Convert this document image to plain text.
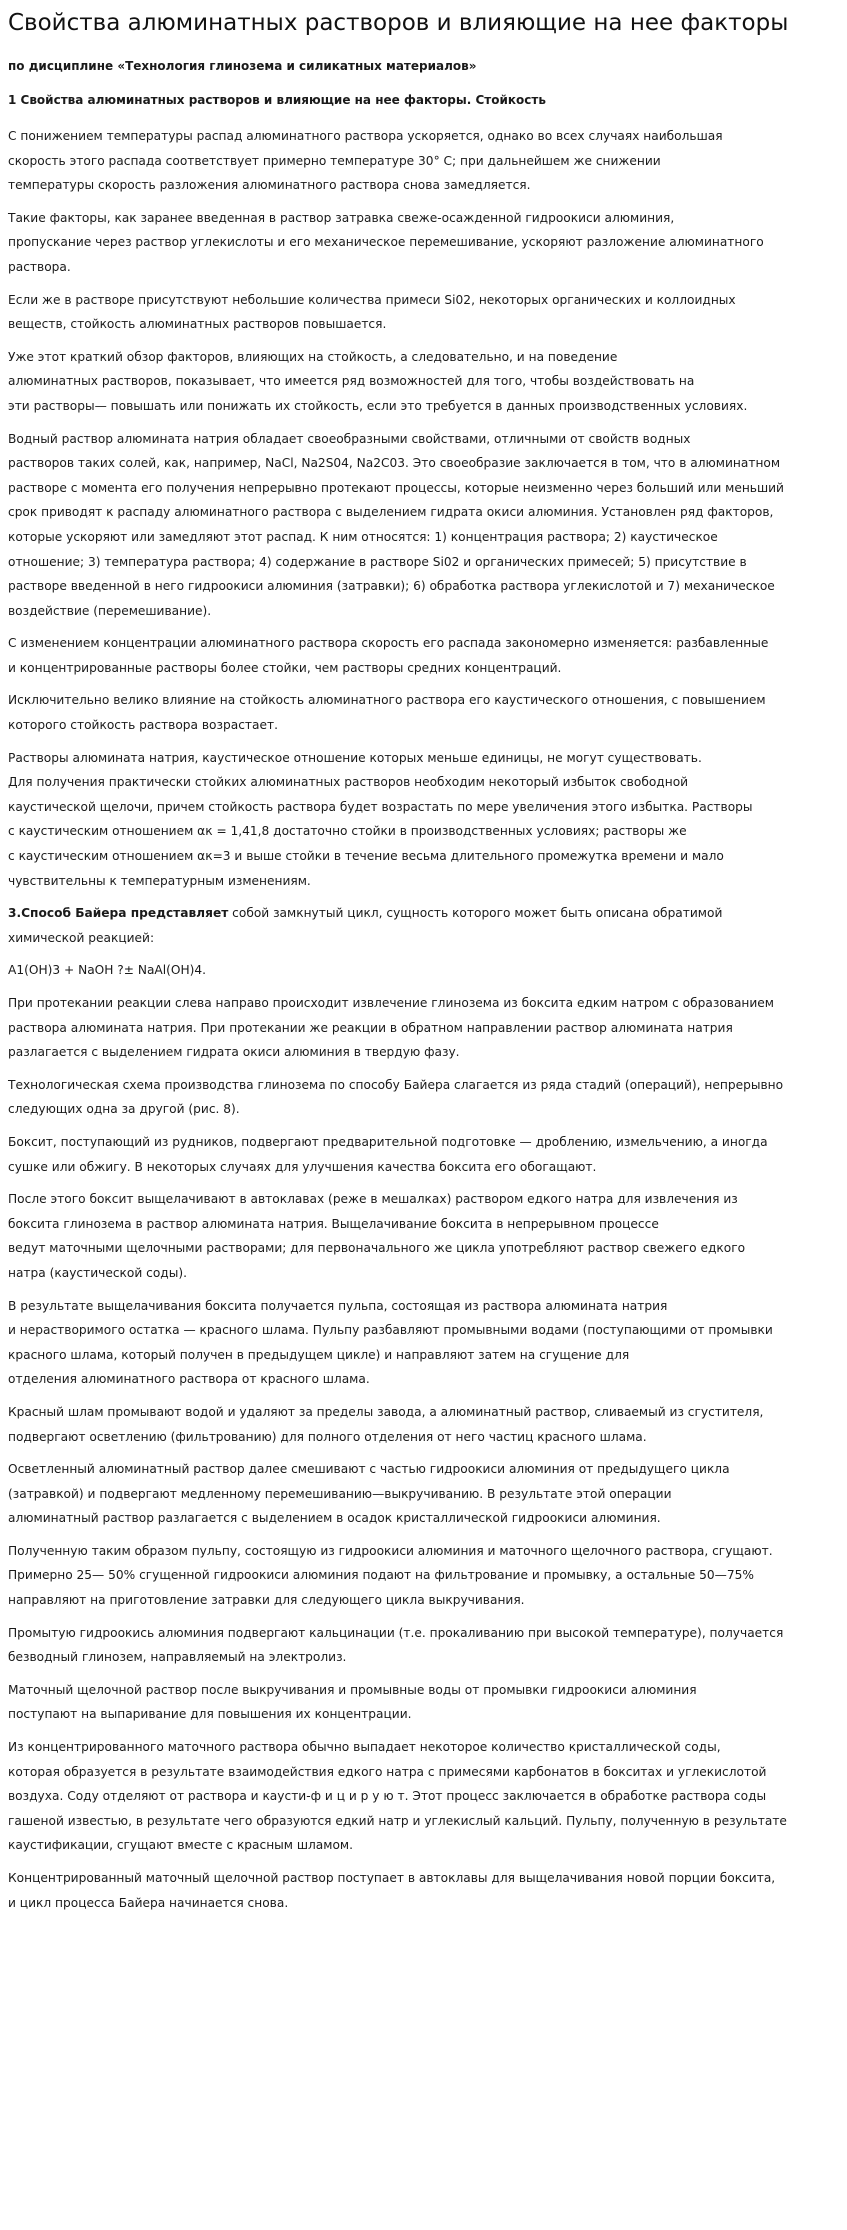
Свойства алюминатных растворов и влияющие на нее факторы
по дисциплине «Технология глинозема и силикатных материалов»
1 Свойства алюминатных растворов и влияющие на нее факторы. Стойкость

С понижением температуры распад алюминатного раствора ускоряется, однако во всех случаях наибольшая
скорость этого распада соответствует примерно температуре 30° С; при дальнейшем же снижении
температуры скорость разложения алюминатного раствора снова замедляется.

Такие факторы, как заранее введенная в раствор затравка свеже-осажденной гидроокиси алюминия,
пропускание через раствор углекислоты и его механическое перемешивание, ускоряют разложение алюминатного
раствора.

Если же в растворе присутствуют небольшие количества примеси Si02, некоторых органических и коллоидных
веществ, стойкость алюминатных растворов повышается.

Уже этот краткий обзор факторов, влияющих на стойкость, а следовательно, и на поведение
алюминатных растворов, показывает, что имеется ряд возможностей для того, чтобы воздействовать на
эти растворы— повышать или понижать их стойкость, если это требуется в данных производственных условиях.

Водный раствор алюмината натрия обладает своеобразными свойствами, отличными от свойств водных
растворов таких солей, как, например, NaCl, Na2S04, Na2C03. Это своеобразие заключается в том, что в алюминатном
растворе с момента его получения непрерывно протекают процессы, которые неизменно через больший или меньший
срок приводят к распаду алюминатного раствора с выделением гидрата окиси алюминия. Установлен ряд факторов,
которые ускоряют или замедляют этот распад. К ним относятся: 1) концентрация раствора; 2) каустическое
отношение; 3) температура раствора; 4) содержание в растворе Si02 и органических примесей; 5) присутствие в
растворе введенной в него гидроокиси алюминия (затравки); 6) обработка раствора углекислотой и 7) механическое
воздействие (перемешивание).

С изменением концентрации алюминатного раствора скорость его распада закономерно изменяется: разбавленные
и концентрированные растворы более стойки, чем растворы средних концентраций.

Исключительно велико влияние на стойкость алюминатного раствора его каустического отношения, с повышением
которого стойкость раствора возрастает.

Растворы алюмината натрия, каустическое отношение которых меньше единицы, не могут существовать.
Для получения практически стойких алюминатных растворов необходим некоторый избыток свободной
каустической щелочи, причем стойкость раствора будет возрастать по мере увеличения этого избытка. Растворы
с каустическим отношением αк = 1,41,8 достаточно стойки в производственных условиях; растворы же
с каустическим отношением αк=3 и выше стойки в течение весьма длительного промежутка времени и мало
чувствительны к температурным изменениям.

3.Способ Байера представляет собой замкнутый цикл, сущность которого может быть описана обратимой
химической реакцией:

А1(ОН)3 + NaOH ?± NaAl(OH)4.

При протекании реакции слева направо происходит извлечение глинозема из боксита едким натром с образованием
раствора алюмината натрия. При протекании же реакции в обратном направлении раствор алюмината натрия
разлагается с выделением гидрата окиси алюминия в твердую фазу.

Технологическая схема производства глинозема по способу Байера слагается из ряда стадий (операций), непрерывно
следующих одна за другой (рис. 8).

Боксит, поступающий из рудников, подвергают предварительной подготовке — дроблению, измельчению, а иногда
сушке или обжигу. В некоторых случаях для улучшения качества боксита его обогащают.

После этого боксит выщелачивают в автоклавах (реже в мешалках) раствором едкого натра для извлечения из
боксита глинозема в раствор алюмината натрия. Выщелачивание боксита в непрерывном процессе
ведут маточными щелочными растворами; для первоначального же цикла употребляют раствор свежего едкого
натра (каустической соды).

В результате выщелачивания боксита получается пульпа, состоящая из раствора алюмината натрия
и нерастворимого остатка — красного шлама. Пульпу разбавляют промывными водами (поступающими от промывки
красного шлама, который получен в предыдущем цикле) и направляют затем на сгущение для
отделения алюминатного раствора от красного шлама.

Красный шлам промывают водой и удаляют за пределы завода, а алюминатный раствор, сливаемый из сгустителя,
подвергают осветлению (фильтрованию) для полного отделения от него частиц красного шлама.

Осветленный алюминатный раствор далее смешивают с частью гидроокиси алюминия от предыдущего цикла
(затравкой) и подвергают медленному перемешиванию—выкручиванию. В результате этой операции
алюминатный раствор разлагается с выделением в осадок кристаллической гидроокиси алюминия.

Полученную таким образом пульпу, состоящую из гидроокиси алюминия и маточного щелочного раствора, сгущают.
Примерно 25— 50% сгущенной гидроокиси алюминия подают на фильтрование и промывку, а остальные 50—75%
направляют на приготовление затравки для следующего цикла выкручивания.

Промытую гидроокись алюминия подвергают кальцинации (т.е. прокаливанию при высокой температуре), получается
безводный глинозем, направляемый на электролиз.

Маточный щелочной раствор после выкручивания и промывные воды от промывки гидроокиси алюминия
поступают на выпаривание для повышения их концентрации.

Из концентрированного маточного раствора обычно выпадает некоторое количество кристаллической соды,
которая образуется в результате взаимодействия едкого натра с примесями карбонатов в бокситах и углекислотой
воздуха. Соду отделяют от раствора и каусти-ф и ц и р у ю т. Этот процесс заключается в обработке раствора соды
гашеной известью, в результате чего образуются едкий натр и углекислый кальций. Пульпу, полученную в результате
каустификации, сгущают вместе с красным шламом.

Концентрированный маточный щелочной раствор поступает в автоклавы для выщелачивания новой порции боксита,
и цикл процесса Байера начинается снова.
